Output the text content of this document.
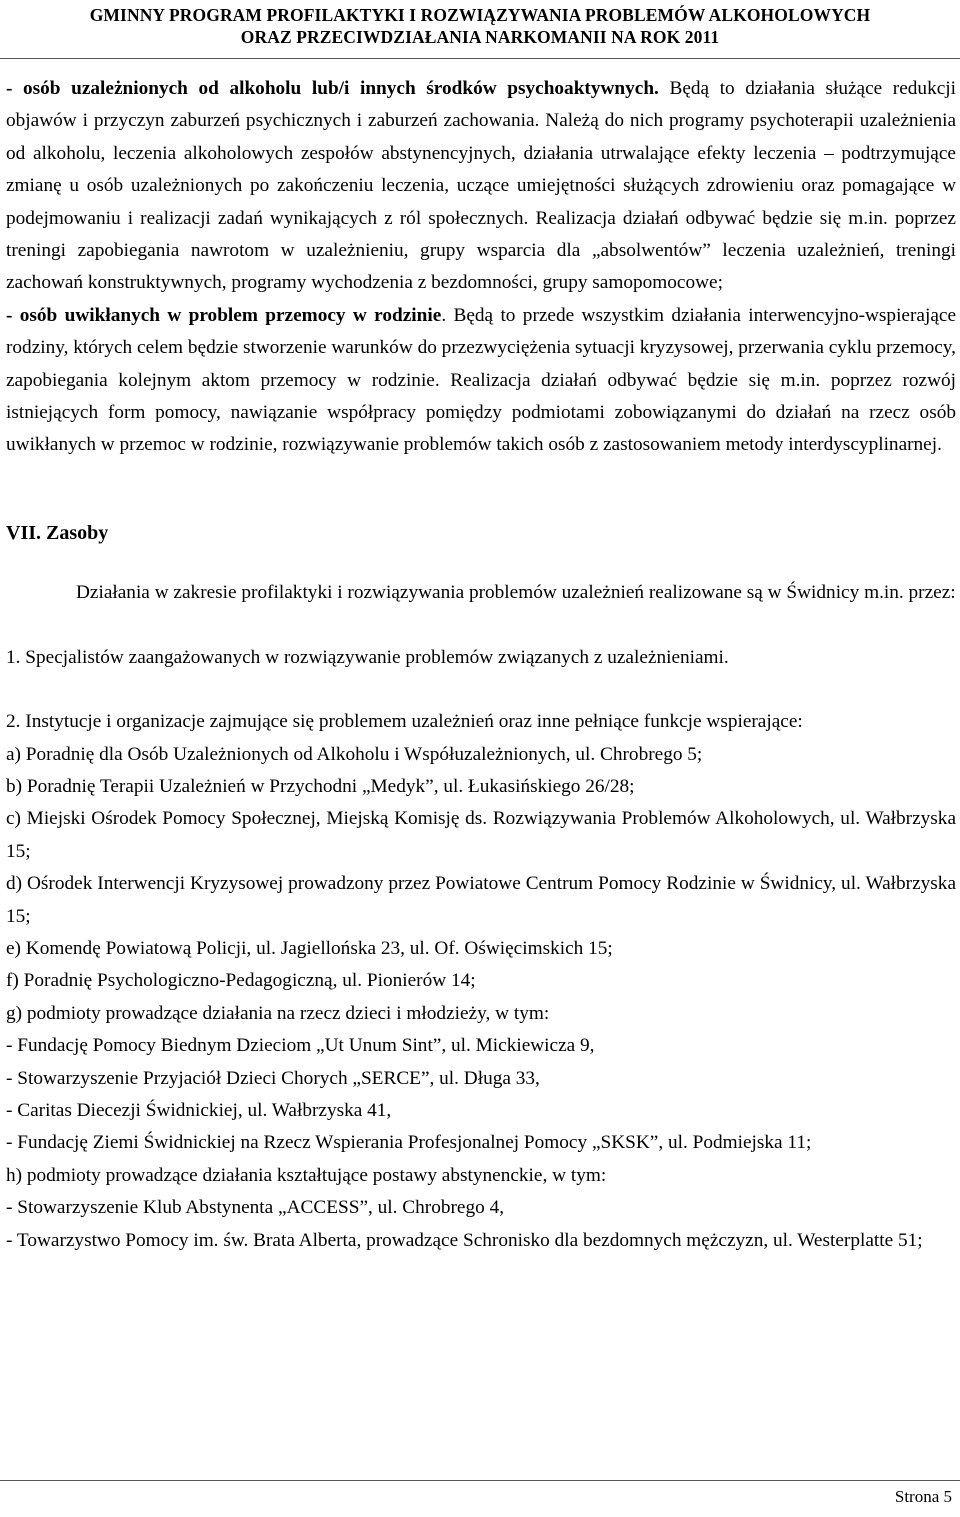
GMINNY PROGRAM PROFILAKTYKI I ROZWIĄZYWANIA PROBLEMÓW ALKOHOLOWYCH
ORAZ PRZECIWDZIAŁANIA NARKOMANII NA ROK 2011

- osób uzależnionych od alkoholu lub/i innych środków psychoaktywnych. Będą to działania służące redukcji objawów i przyczyn zaburzeń psychicznych i zaburzeń zachowania. Należą do nich programy psychoterapii uzależnienia od alkoholu, leczenia alkoholowych zespołów abstynencyjnych, działania utrwalające efekty leczenia – podtrzymujące zmianę u osób uzależnionych po zakończeniu leczenia, uczące umiejętności służących zdrowieniu oraz pomagające w podejmowaniu i realizacji zadań wynikających z ról społecznych. Realizacja działań odbywać będzie się m.in. poprzez treningi zapobiegania nawrotom w uzależnieniu, grupy wsparcia dla „absolwentów” leczenia uzależnień, treningi zachowań konstruktywnych, programy wychodzenia z bezdomności, grupy samopomocowe;

- osób uwikłanych w problem przemocy w rodzinie. Będą to przede wszystkim działania interwencyjno-wspierające rodziny, których celem będzie stworzenie warunków do przezwyciężenia sytuacji kryzysowej, przerwania cyklu przemocy, zapobiegania kolejnym aktom przemocy w rodzinie. Realizacja działań odbywać będzie się m.in. poprzez rozwój istniejących form pomocy, nawiązanie współpracy pomiędzy podmiotami zobowiązanymi do działań na rzecz osób uwikłanych w przemoc w rodzinie, rozwiązywanie problemów takich osób z zastosowaniem metody interdyscyplinarnej.

VII. Zasoby

Działania w zakresie profilaktyki i rozwiązywania problemów uzależnień realizowane są w Świdnicy m.in. przez:

1. Specjalistów zaangażowanych w rozwiązywanie problemów związanych z uzależnieniami.

2. Instytucje i organizacje zajmujące się problemem uzależnień oraz inne pełniące funkcje wspierające:

a) Poradnię dla Osób Uzależnionych od Alkoholu i Współuzależnionych, ul. Chrobrego 5;

b) Poradnię Terapii Uzależnień w Przychodni „Medyk”, ul. Łukasińskiego 26/28;

c) Miejski Ośrodek Pomocy Społecznej, Miejską Komisję ds. Rozwiązywania Problemów Alkoholowych, ul. Wałbrzyska 15;

d) Ośrodek Interwencji Kryzysowej prowadzony przez Powiatowe Centrum Pomocy Rodzinie w Świdnicy, ul. Wałbrzyska 15;

e) Komendę Powiatową Policji, ul. Jagiellońska 23, ul. Of. Oświęcimskich 15;

f) Poradnię Psychologiczno-Pedagogiczną, ul. Pionierów 14;

g) podmioty prowadzące działania na rzecz dzieci i młodzieży, w tym:

- Fundację Pomocy Biednym Dzieciom „Ut Unum Sint”, ul. Mickiewicza 9,

- Stowarzyszenie Przyjaciół Dzieci Chorych „SERCE”, ul. Długa 33,

- Caritas Diecezji Świdnickiej, ul. Wałbrzyska 41,

- Fundację Ziemi Świdnickiej na Rzecz Wspierania Profesjonalnej Pomocy „SKSK”, ul. Podmiejska 11;

h) podmioty prowadzące działania kształtujące postawy abstynenckie, w tym:

- Stowarzyszenie Klub Abstynenta „ACCESS”, ul. Chrobrego 4,

- Towarzystwo Pomocy im. św. Brata Alberta, prowadzące Schronisko dla bezdomnych mężczyzn, ul. Westerplatte 51;

Strona 5
